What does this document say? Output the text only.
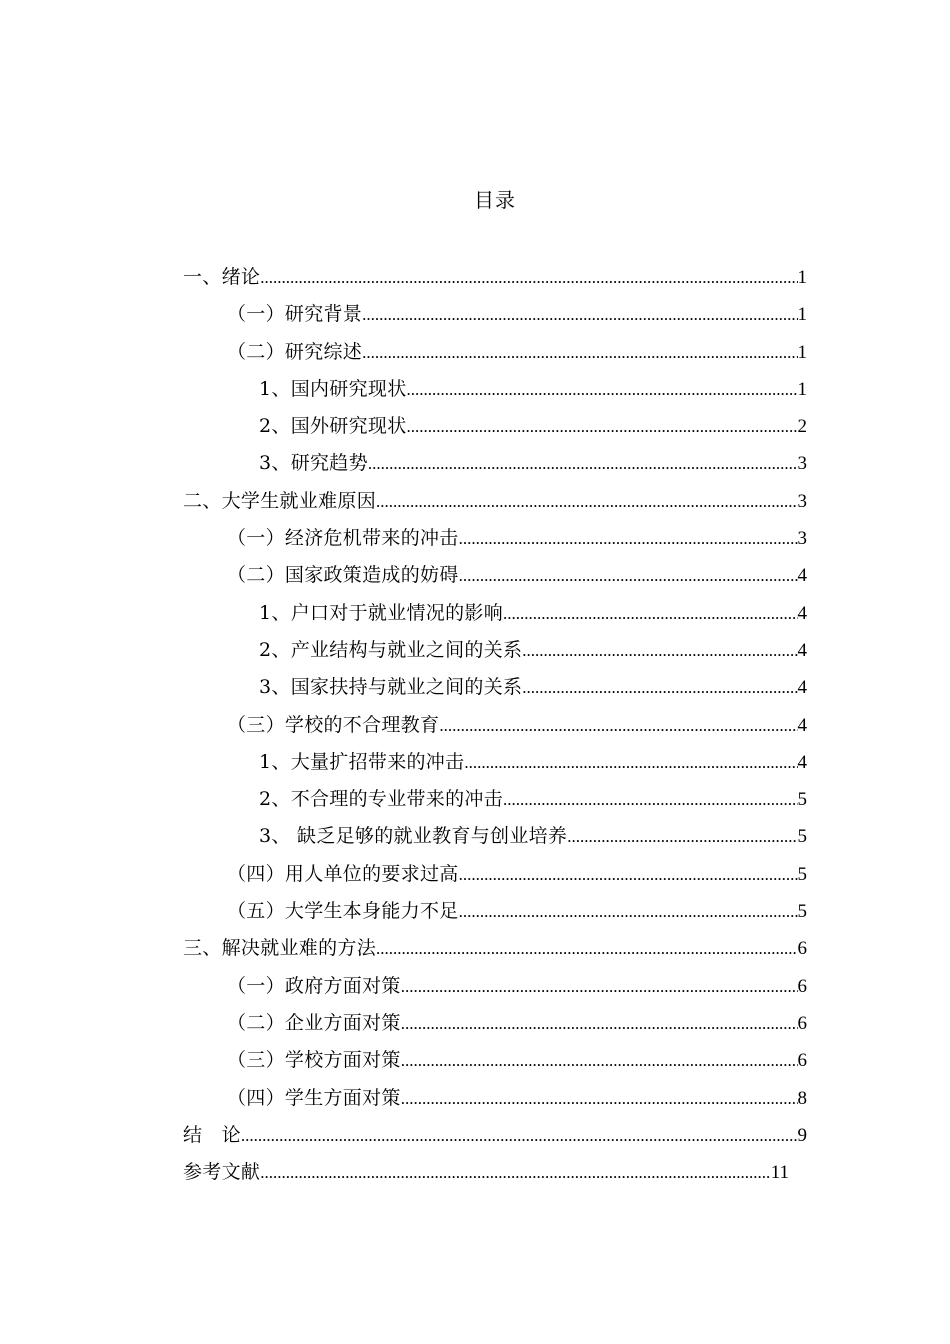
目录
一、绪论 .....	1
（一）研究背景 .....	1
（二）研究综述 .....	1
1、国内研究现状 .....	1
2、国外研究现状 .....	2
3、研究趋势 .....	3
二、大学生就业难原因 .....	3
（一）经济危机带来的冲击 .....	3
（二）国家政策造成的妨碍 .....	4
1、户口对于就业情况的影响 .....	4
2、产业结构与就业之间的关系 .....	4
3、国家扶持与就业之间的关系 .....	4
（三）学校的不合理教育 .....	4
1、大量扩招带来的冲击 .....	4
2、不合理的专业带来的冲击 .....	5
3、 缺乏足够的就业教育与创业培养 .....	5
（四）用人单位的要求过高 .....	5
（五）大学生本身能力不足 .....	5
三、解决就业难的方法 .....	6
（一）政府方面对策 .....	6
（二）企业方面对策 .....	6
（三）学校方面对策 .....	6
（四）学生方面对策 .....	8
结　论 .....	9
参考文献 .....	11
